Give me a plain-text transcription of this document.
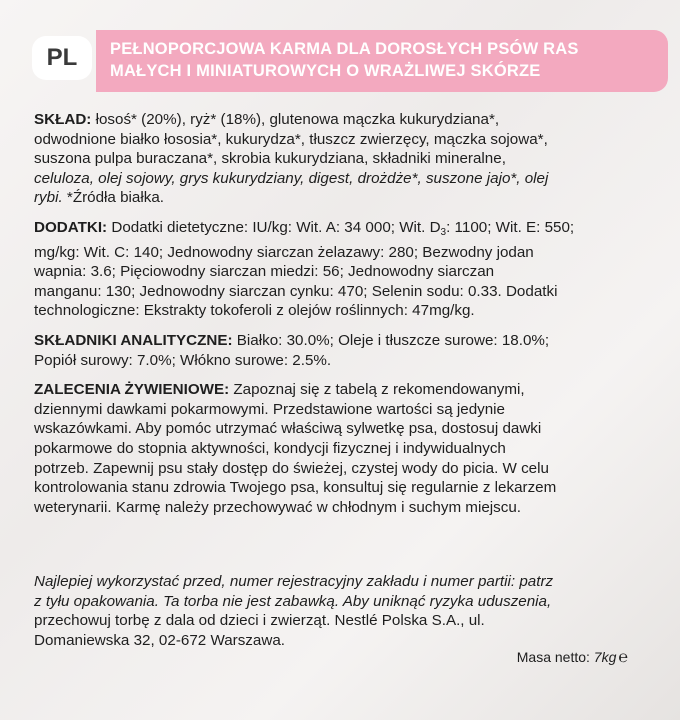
PL	PEŁNOPORCJOWA KARMA DLA DOROSŁYCH PSÓW RAS
MAŁYCH I MINIATUROWYCH O WRAŻLIWEJ SKÓRZE
SKŁAD: łosoś* (20%), ryż* (18%), glutenowa mączka kukurydziana*,
odwodnione białko łososia*, kukurydza*, tłuszcz zwierzęcy, mączka sojowa*,
suszona pulpa buraczana*, skrobia kukurydziana, składniki mineralne,
celuloza, olej sojowy, grys kukurydziany, digest, drożdże*, suszone jajo*, olej
rybi. *Źródła białka.
DODATKI: Dodatki dietetyczne: IU/kg: Wit. A: 34 000; Wit. $D_3$: 1100; Wit. E: 550;
mg/kg: Wit. C: 140; Jednowodny siarczan żelazawy: 280; Bezwodny jodan
wapnia: 3.6; Pięciowodny siarczan miedzi: 56; Jednowodny siarczan
manganu: 130; Jednowodny siarczan cynku: 470; Selenin sodu: 0.33. Dodatki
technologiczne: Ekstrakty tokoferoli z olejów roślinnych: 47mg/kg.
SKŁADNIKI ANALITYCZNE: Białko: 30.0%; Oleje i tłuszcze surowe: 18.0%;
Popiół surowy: 7.0%; Włókno surowe: 2.5%.
ZALECENIA ŻYWIENIOWE: Zapoznaj się z tabelą z rekomendowanymi,
dziennymi dawkami pokarmowymi. Przedstawione wartości są jedynie
wskazówkami. Aby pomóc utrzymać właściwą sylwetkę psa, dostosuj dawki
pokarmowe do stopnia aktywności, kondycji fizycznej i indywidualnych
potrzeb. Zapewnij psu stały dostęp do świeżej, czystej wody do picia. W celu
kontrolowania stanu zdrowia Twojego psa, konsultuj się regularnie z lekarzem
weterynarii. Karmę należy przechowywać w chłodnym i suchym miejscu.
Najlepiej wykorzystać przed, numer rejestracyjny zakładu i numer partii: patrz
z tyłu opakowania. Ta torba nie jest zabawką. Aby uniknąć ryzyka uduszenia,
przechowuj torbę z dala od dzieci i zwierząt. Nestlé Polska S.A., ul.
Domaniewska 32, 02-672 Warszawa.
Masa netto: 7kg ℮
